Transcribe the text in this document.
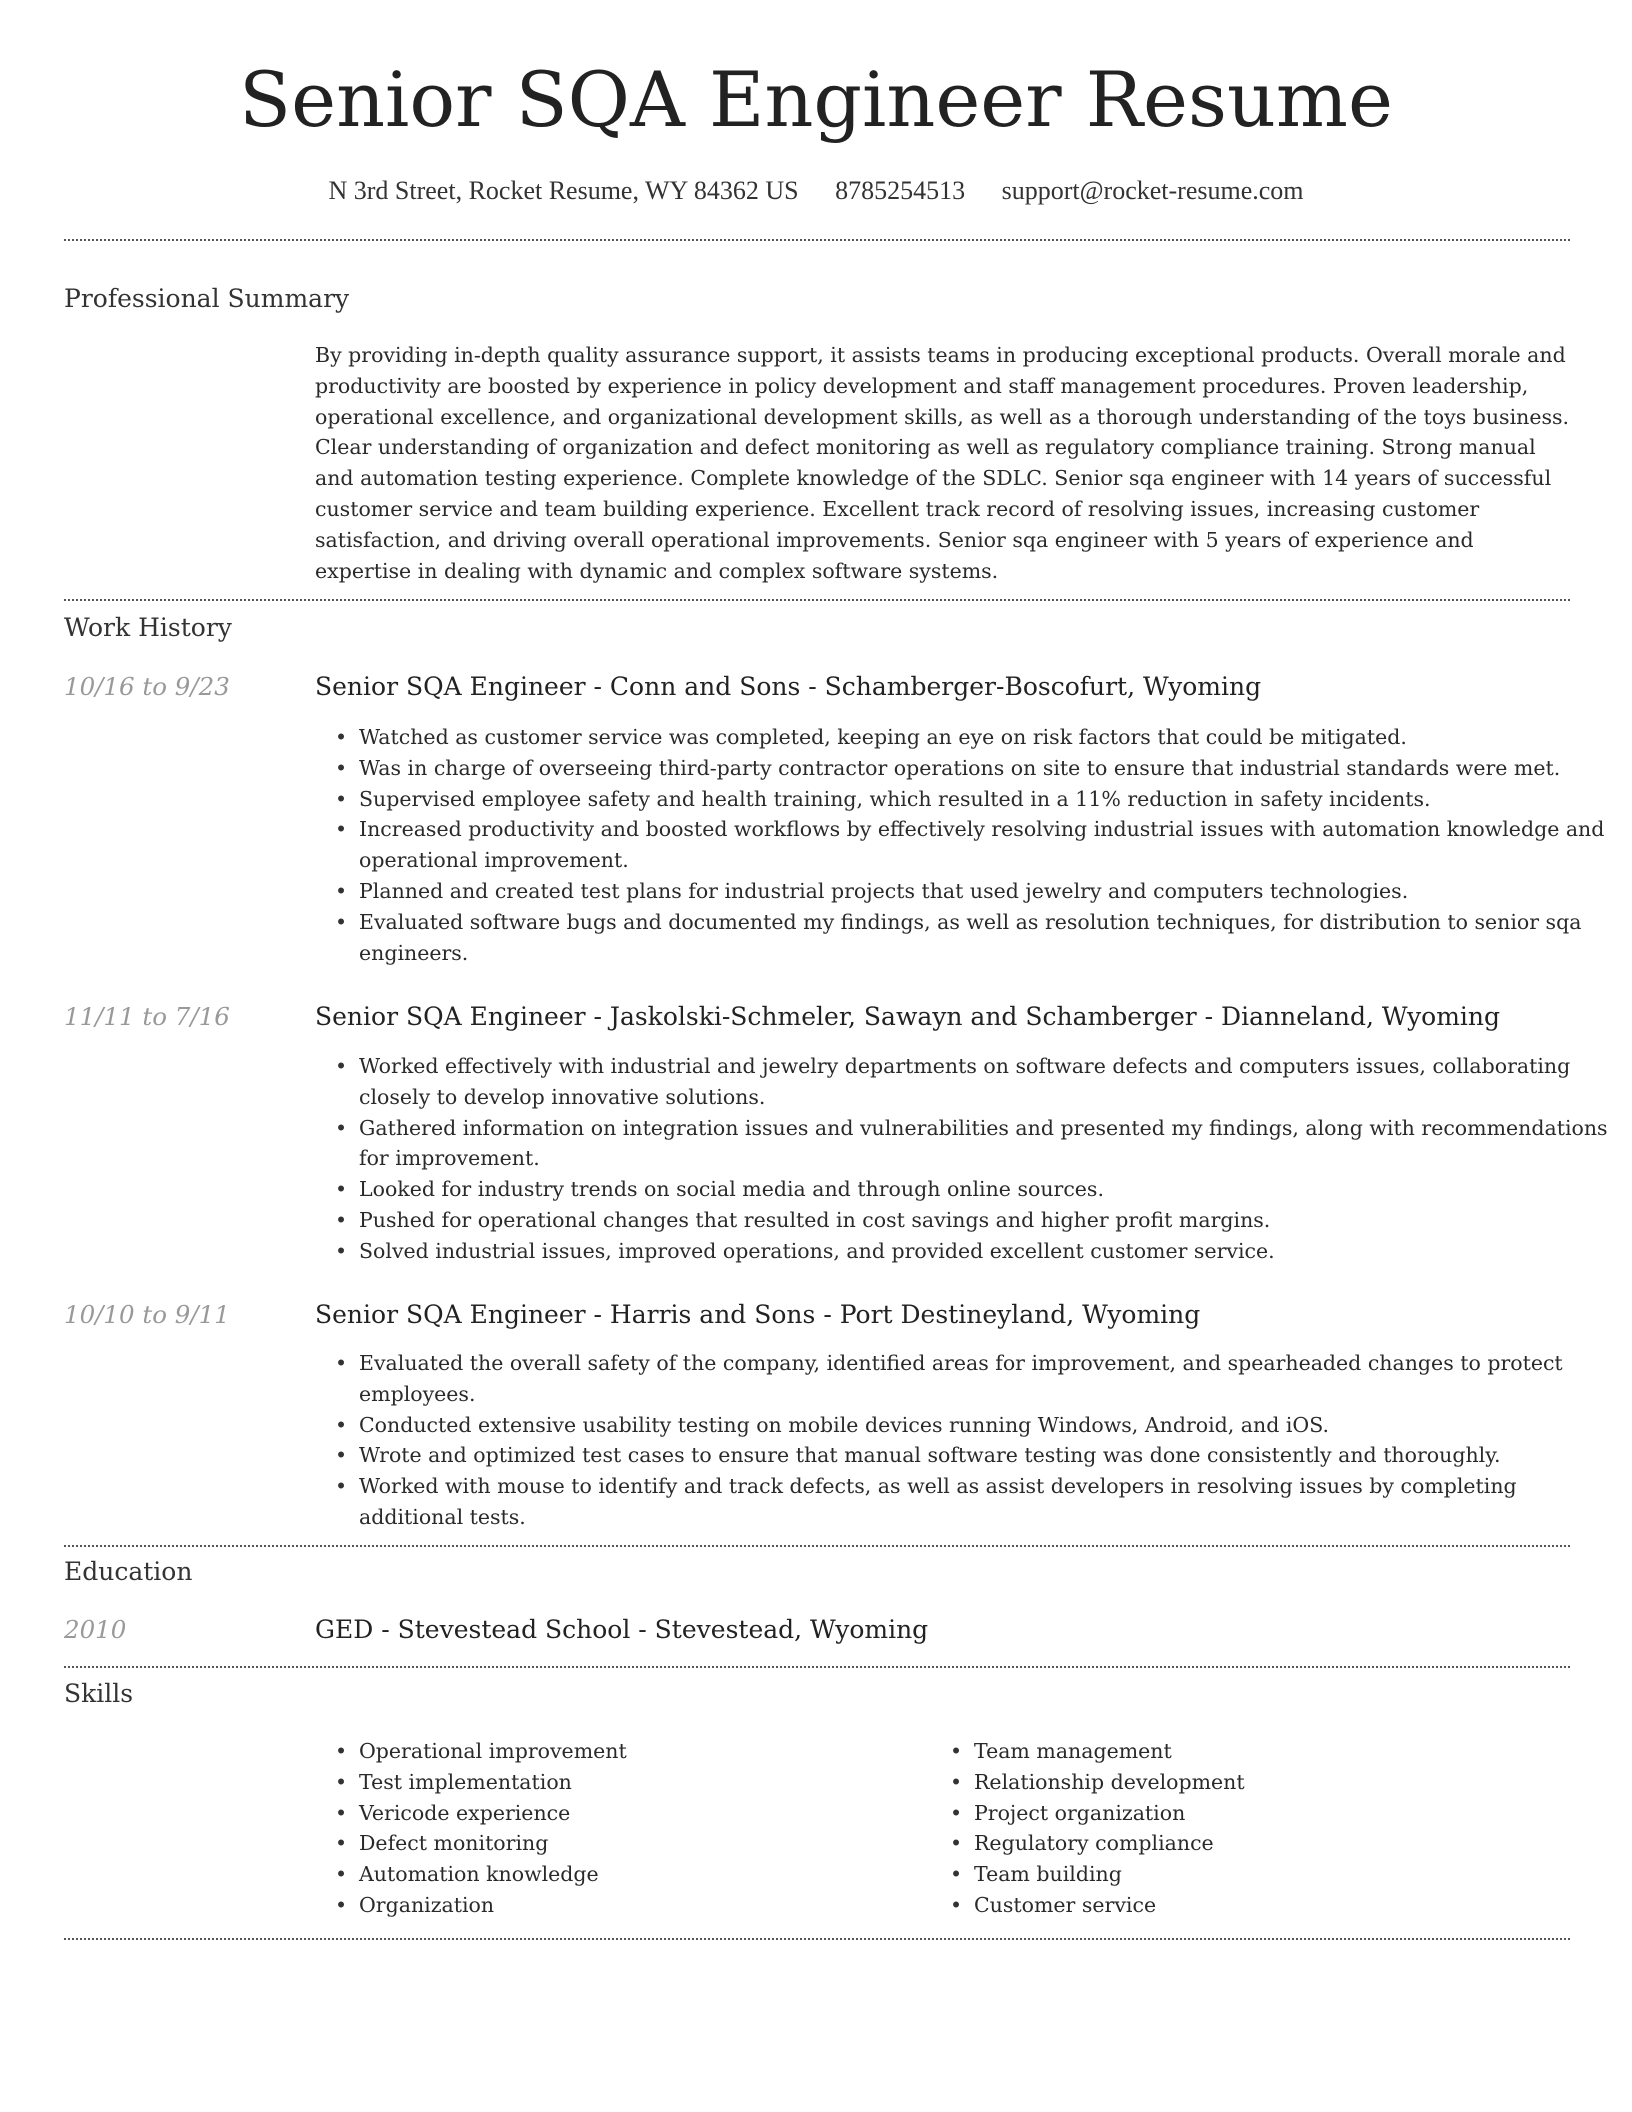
Senior SQA Engineer Resume
N 3rd Street, Rocket Resume, WY 84362 US 8785254513 support@rocket-resume.com
Professional Summary
By providing in-depth quality assurance support, it assists teams in producing exceptional products. Overall morale and productivity are boosted by experience in policy development and staff management procedures. Proven leadership, operational excellence, and organizational development skills, as well as a thorough understanding of the toys business. Clear understanding of organization and defect monitoring as well as regulatory compliance training. Strong manual and automation testing experience. Complete knowledge of the SDLC. Senior sqa engineer with 14 years of successful customer service and team building experience. Excellent track record of resolving issues, increasing customer satisfaction, and driving overall operational improvements. Senior sqa engineer with 5 years of experience and expertise in dealing with dynamic and complex software systems.
Work History
10/16 to 9/23	Senior SQA Engineer - Conn and Sons - Schamberger-Boscofurt, Wyoming
• Watched as customer service was completed, keeping an eye on risk factors that could be mitigated.
• Was in charge of overseeing third-party contractor operations on site to ensure that industrial standards were met.
• Supervised employee safety and health training, which resulted in a 11% reduction in safety incidents.
• Increased productivity and boosted workflows by effectively resolving industrial issues with automation knowledge and operational improvement.
• Planned and created test plans for industrial projects that used jewelry and computers technologies.
• Evaluated software bugs and documented my findings, as well as resolution techniques, for distribution to senior sqa engineers.
11/11 to 7/16	Senior SQA Engineer - Jaskolski-Schmeler, Sawayn and Schamberger - Dianneland, Wyoming
• Worked effectively with industrial and jewelry departments on software defects and computers issues, collaborating closely to develop innovative solutions.
• Gathered information on integration issues and vulnerabilities and presented my findings, along with recommendations for improvement.
• Looked for industry trends on social media and through online sources.
• Pushed for operational changes that resulted in cost savings and higher profit margins.
• Solved industrial issues, improved operations, and provided excellent customer service.
10/10 to 9/11	Senior SQA Engineer - Harris and Sons - Port Destineyland, Wyoming
• Evaluated the overall safety of the company, identified areas for improvement, and spearheaded changes to protect employees.
• Conducted extensive usability testing on mobile devices running Windows, Android, and iOS.
• Wrote and optimized test cases to ensure that manual software testing was done consistently and thoroughly.
• Worked with mouse to identify and track defects, as well as assist developers in resolving issues by completing additional tests.
Education
2010	GED - Stevestead School - Stevestead, Wyoming
Skills
• Operational improvement
• Test implementation
• Vericode experience
• Defect monitoring
• Automation knowledge
• Organization
• Team management
• Relationship development
• Project organization
• Regulatory compliance
• Team building
• Customer service
